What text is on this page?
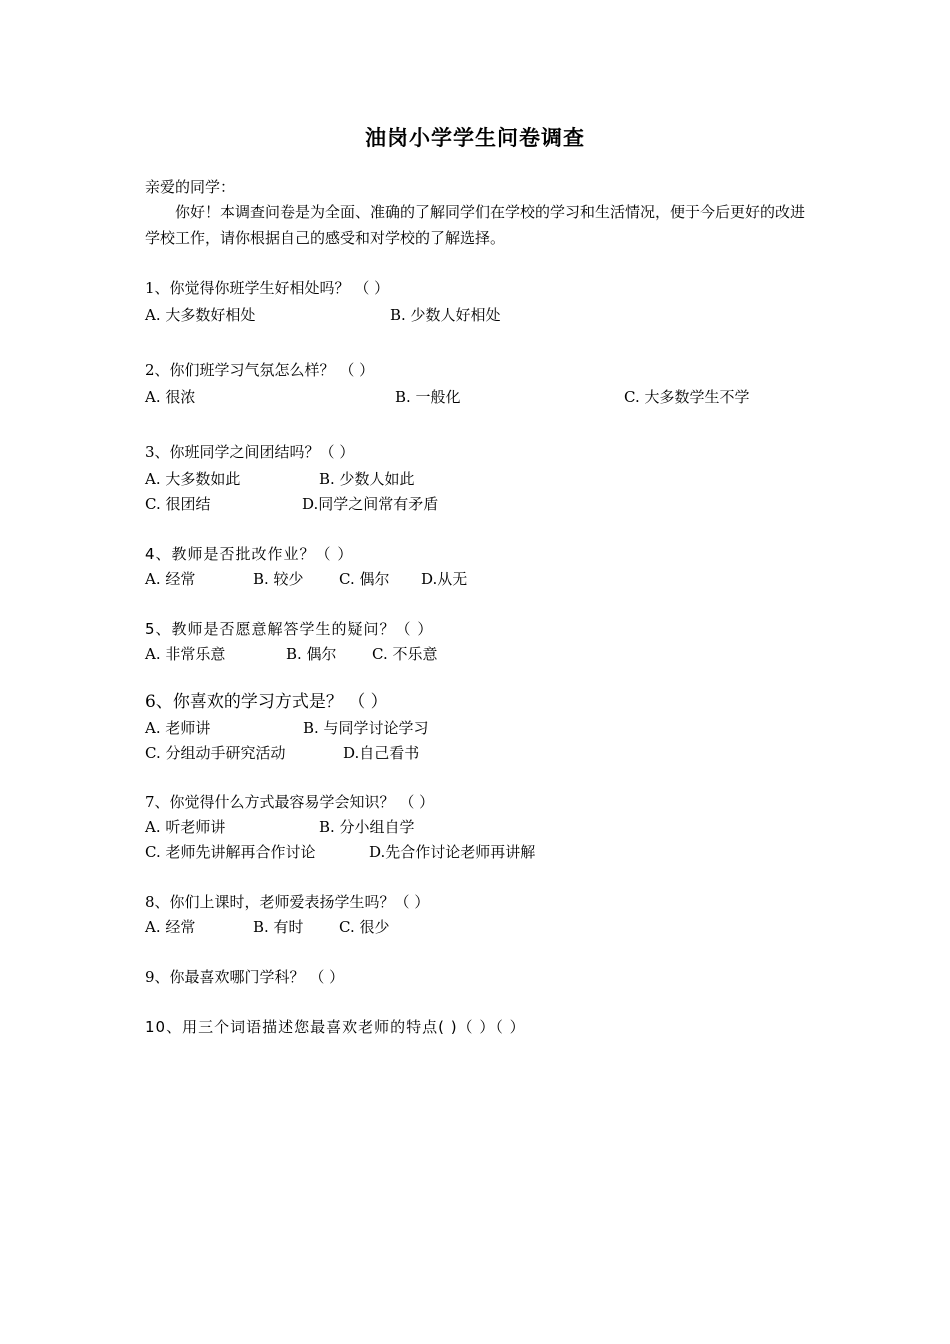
油岗小学学生问卷调查
亲爱的同学：
你好！本调查问卷是为全面、准确的了解同学们在学校的学习和生活情况，便于今后更好的改进学校工作，请你根据自己的感受和对学校的了解选择。
1、你觉得你班学生好相处吗？ （ ）
A. 大多数好相处	B. 少数人好相处
2、你们班学习气氛怎么样？ （ ）
A. 很浓	B. 一般化	C. 大多数学生不学
3、你班同学之间团结吗？（ ）
A. 大多数如此	B. 少数人如此
C. 很团结	D.同学之间常有矛盾
4、教师是否批改作业？（ ）
A. 经常	B. 较少 C. 偶尔 D.从无
5、教师是否愿意解答学生的疑问？（ ）
A. 非常乐意	B. 偶尔 C. 不乐意
6、你喜欢的学习方式是？ （ ）
A. 老师讲	B. 与同学讨论学习
C. 分组动手研究活动	D.自己看书
7、你觉得什么方式最容易学会知识？ （ ）
A. 听老师讲	B. 分小组自学
C. 老师先讲解再合作讨论	D.先合作讨论老师再讲解
8、你们上课时，老师爱表扬学生吗？（ ）
A. 经常	B. 有时 C. 很少
9、你最喜欢哪门学科？ （ ）
10、用三个词语描述您最喜欢老师的特点( )（ ）（ ）
